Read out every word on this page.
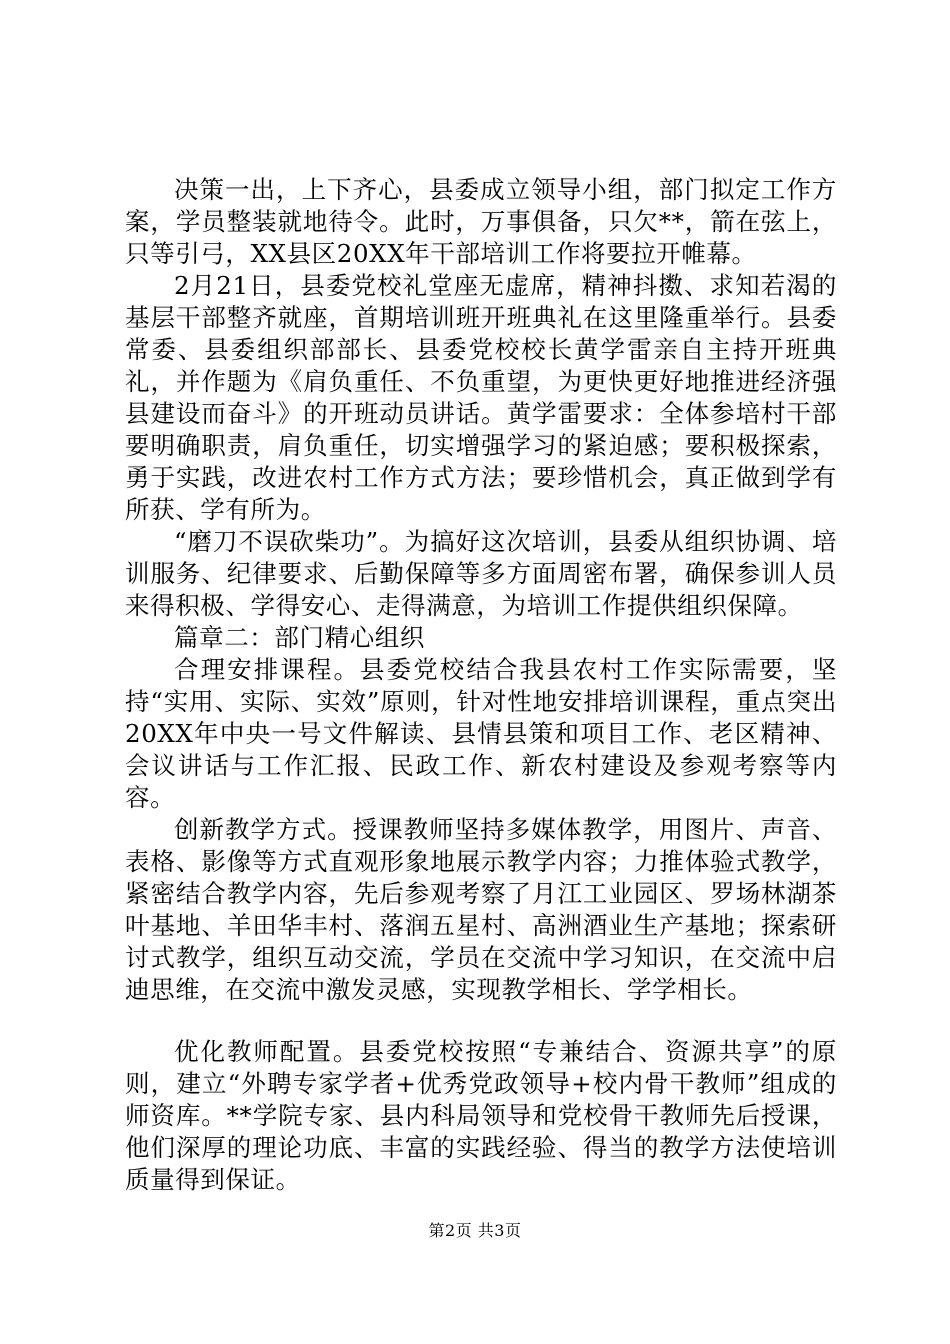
决策一出，上下齐心，县委成立领导小组，部门拟定工作方案，学员整装就地待令。此时，万事俱备，只欠**，箭在弦上，只等引弓，XX县区20XX年干部培训工作将要拉开帷幕。

2月21日，县委党校礼堂座无虚席，精神抖擞、求知若渴的基层干部整齐就座，首期培训班开班典礼在这里隆重举行。县委常委、县委组织部部长、县委党校校长黄学雷亲自主持开班典礼，并作题为《肩负重任、不负重望，为更快更好地推进经济强县建设而奋斗》的开班动员讲话。黄学雷要求：全体参培村干部要明确职责，肩负重任，切实增强学习的紧迫感；要积极探索，勇于实践，改进农村工作方式方法；要珍惜机会，真正做到学有所获、学有所为。

“磨刀不误砍柴功”。为搞好这次培训，县委从组织协调、培训服务、纪律要求、后勤保障等多方面周密布署，确保参训人员来得积极、学得安心、走得满意，为培训工作提供组织保障。

篇章二：部门精心组织

合理安排课程。县委党校结合我县农村工作实际需要，坚持“实用、实际、实效”原则，针对性地安排培训课程，重点突出20XX年中央一号文件解读、县情县策和项目工作、老区精神、会议讲话与工作汇报、民政工作、新农村建设及参观考察等内容。

创新教学方式。授课教师坚持多媒体教学，用图片、声音、表格、影像等方式直观形象地展示教学内容；力推体验式教学，紧密结合教学内容，先后参观考察了月江工业园区、罗场林湖茶叶基地、羊田华丰村、落润五星村、高洲酒业生产基地；探索研讨式教学，组织互动交流，学员在交流中学习知识，在交流中启迪思维，在交流中激发灵感，实现教学相长、学学相长。

优化教师配置。县委党校按照“专兼结合、资源共享”的原则，建立“外聘专家学者+优秀党政领导+校内骨干教师”组成的师资库。**学院专家、县内科局领导和党校骨干教师先后授课，他们深厚的理论功底、丰富的实践经验、得当的教学方法使培训质量得到保证。

第2页 共3页
